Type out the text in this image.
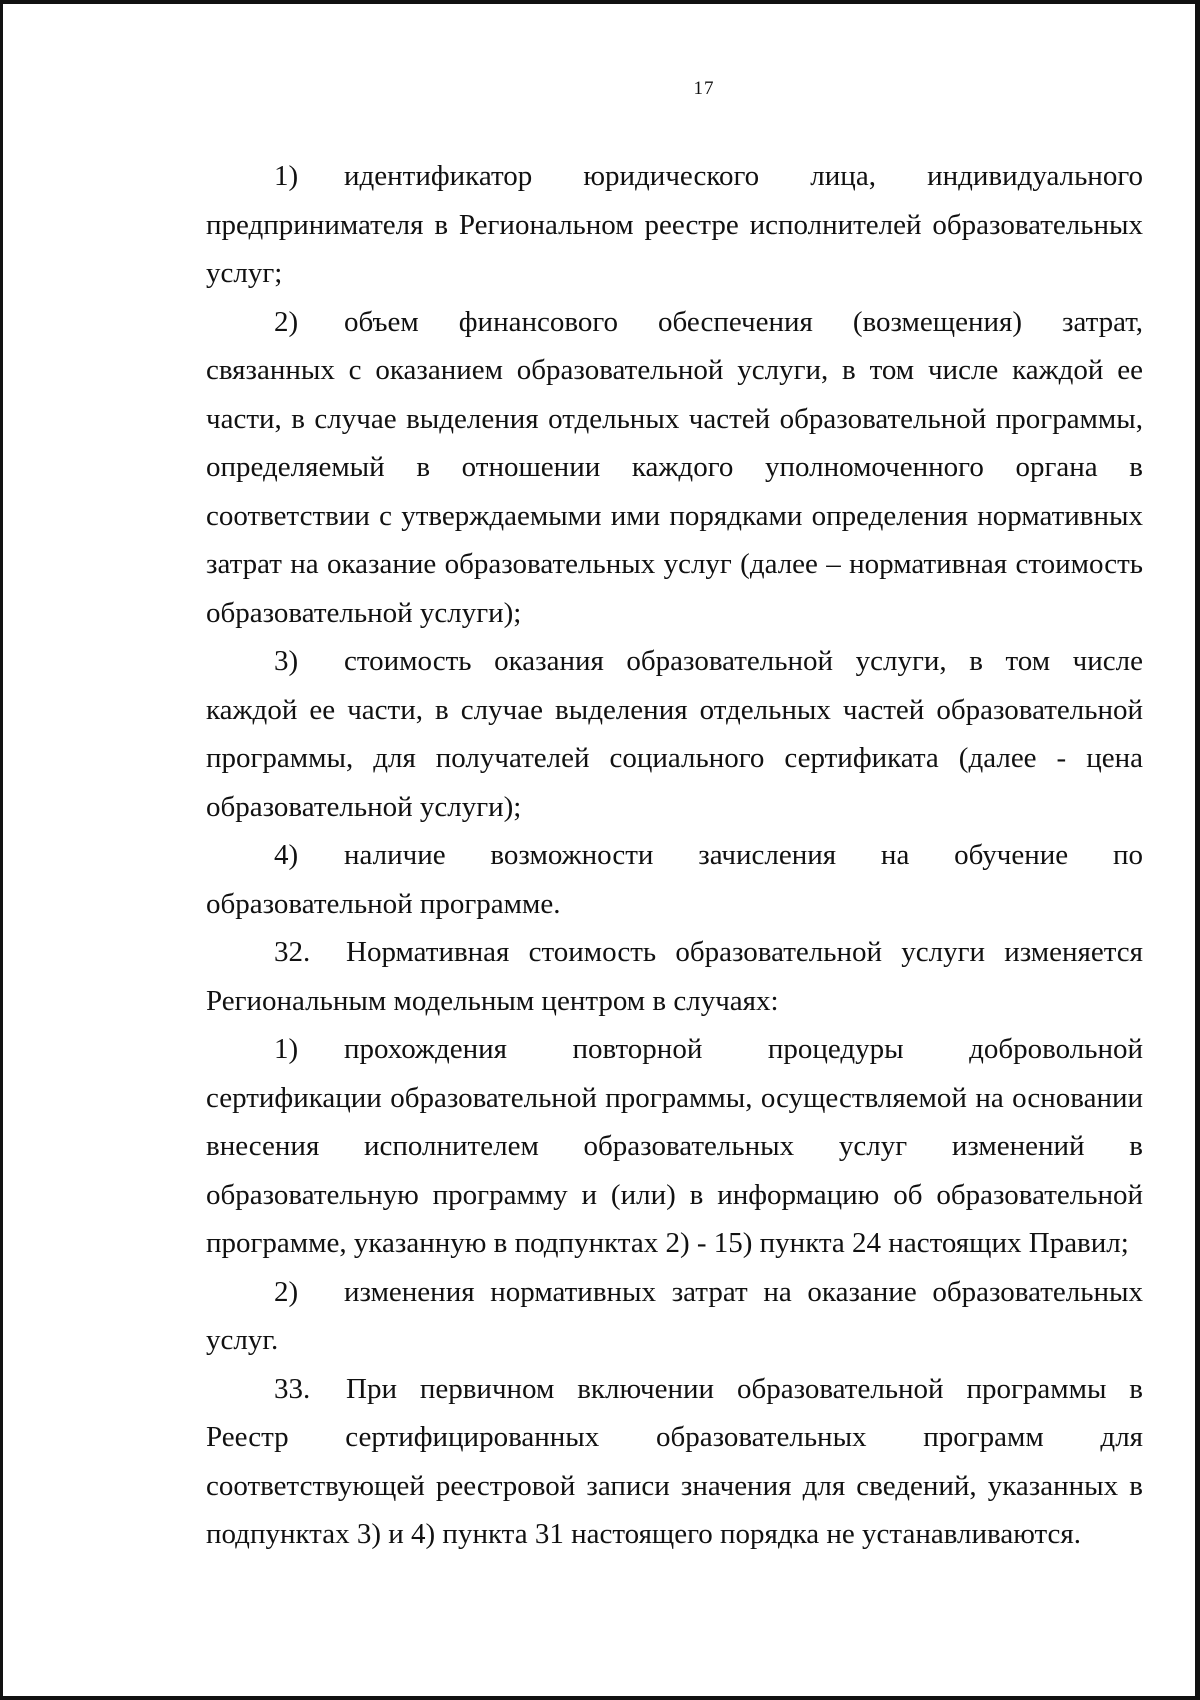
17

1) идентификатор юридического лица, индивидуального предпринимателя в Региональном реестре исполнителей образовательных услуг;

2) объем финансового обеспечения (возмещения) затрат, связанных с оказанием образовательной услуги, в том числе каждой ее части, в случае выделения отдельных частей образовательной программы, определяемый в отношении каждого уполномоченного органа в соответствии с утверждаемыми ими порядками определения нормативных затрат на оказание образовательных услуг (далее – нормативная стоимость образовательной услуги);

3) стоимость оказания образовательной услуги, в том числе каждой ее части, в случае выделения отдельных частей образовательной программы, для получателей социального сертификата (далее - цена образовательной услуги);

4) наличие возможности зачисления на обучение по образовательной программе.

32. Нормативная стоимость образовательной услуги изменяется Региональным модельным центром в случаях:

1) прохождения повторной процедуры добровольной сертификации образовательной программы, осуществляемой на основании внесения исполнителем образовательных услуг изменений в образовательную программу и (или) в информацию об образовательной программе, указанную в подпунктах 2) - 15) пункта 24 настоящих Правил;

2) изменения нормативных затрат на оказание образовательных услуг.

33. При первичном включении образовательной программы в Реестр сертифицированных образовательных программ для соответствующей реестровой записи значения для сведений, указанных в подпунктах 3) и 4) пункта 31 настоящего порядка не устанавливаются.
